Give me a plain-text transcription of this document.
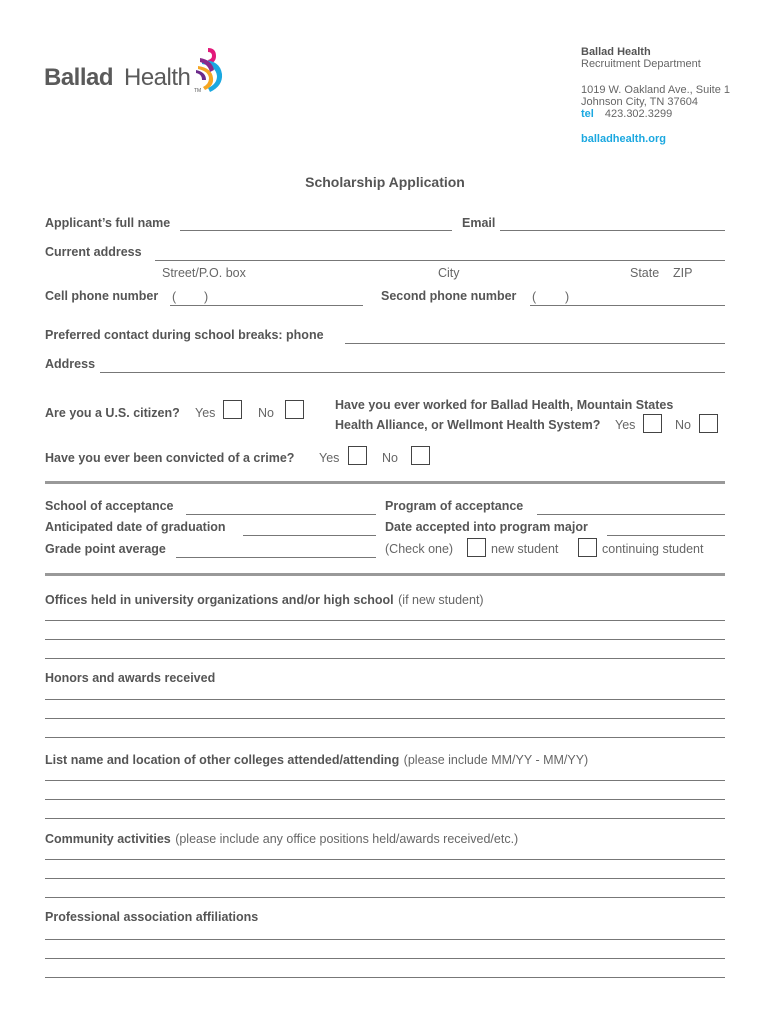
Ballad Health TM
Ballad Health
Recruitment Department
1019 W. Oakland Ave., Suite 1
Johnson City, TN 37604
tel 423.302.3299
balladhealth.org
Scholarship Application
Applicant’s full name	Email
Current address
Street/P.O. box	City	State ZIP
Cell phone number ( )	Second phone number ( )
Preferred contact during school breaks: phone
Address
Are you a U.S. citizen? Yes	No
Have you ever worked for Ballad Health, Mountain States
Health Alliance, or Wellmont Health System? Yes	No
Have you ever been convicted of a crime? Yes	No
School of acceptance	Program of acceptance
Anticipated date of graduation	Date accepted into program major
Grade point average	(Check one)	new student	continuing student
Offices held in university organizations and/or high school (if new student)
Honors and awards received
List name and location of other colleges attended/attending (please include MM/YY - MM/YY)
Community activities (please include any office positions held/awards received/etc.)
Professional association affiliations
